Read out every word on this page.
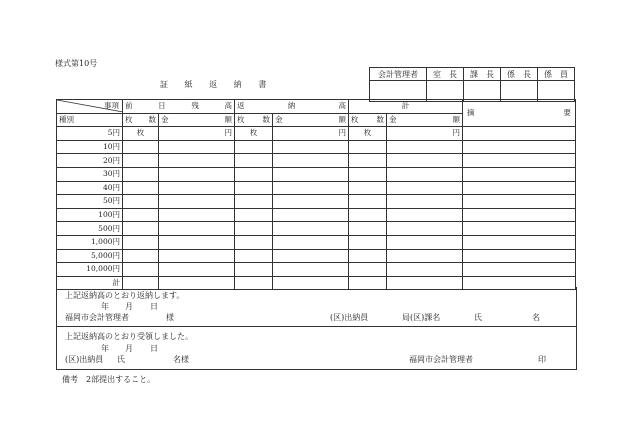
様式第10号
証 紙 返 納 書
会計管理者	室　長	課　長	係　長	係　員

事項	前 日 残 高		返 納 高		計		摘 要

種別	枚 数	金 額	枚 数	金 額	枚 数	金 額	

5円	枚	円	枚	円	枚	円	
10円							
20円							
30円							
40円							
50円							
100円							
500円							
1,000円							
5,000円							
10,000円							
計							
上記返納高のとおり返納します。
年 月 日
福岡市会計管理者	様	(区)出納員	局(区)課名	氏	名
上記返納高のとおり受領しました。
年 月 日
(区)出納員 氏	名様	福岡市会計管理者	印
備考　2部提出すること。
